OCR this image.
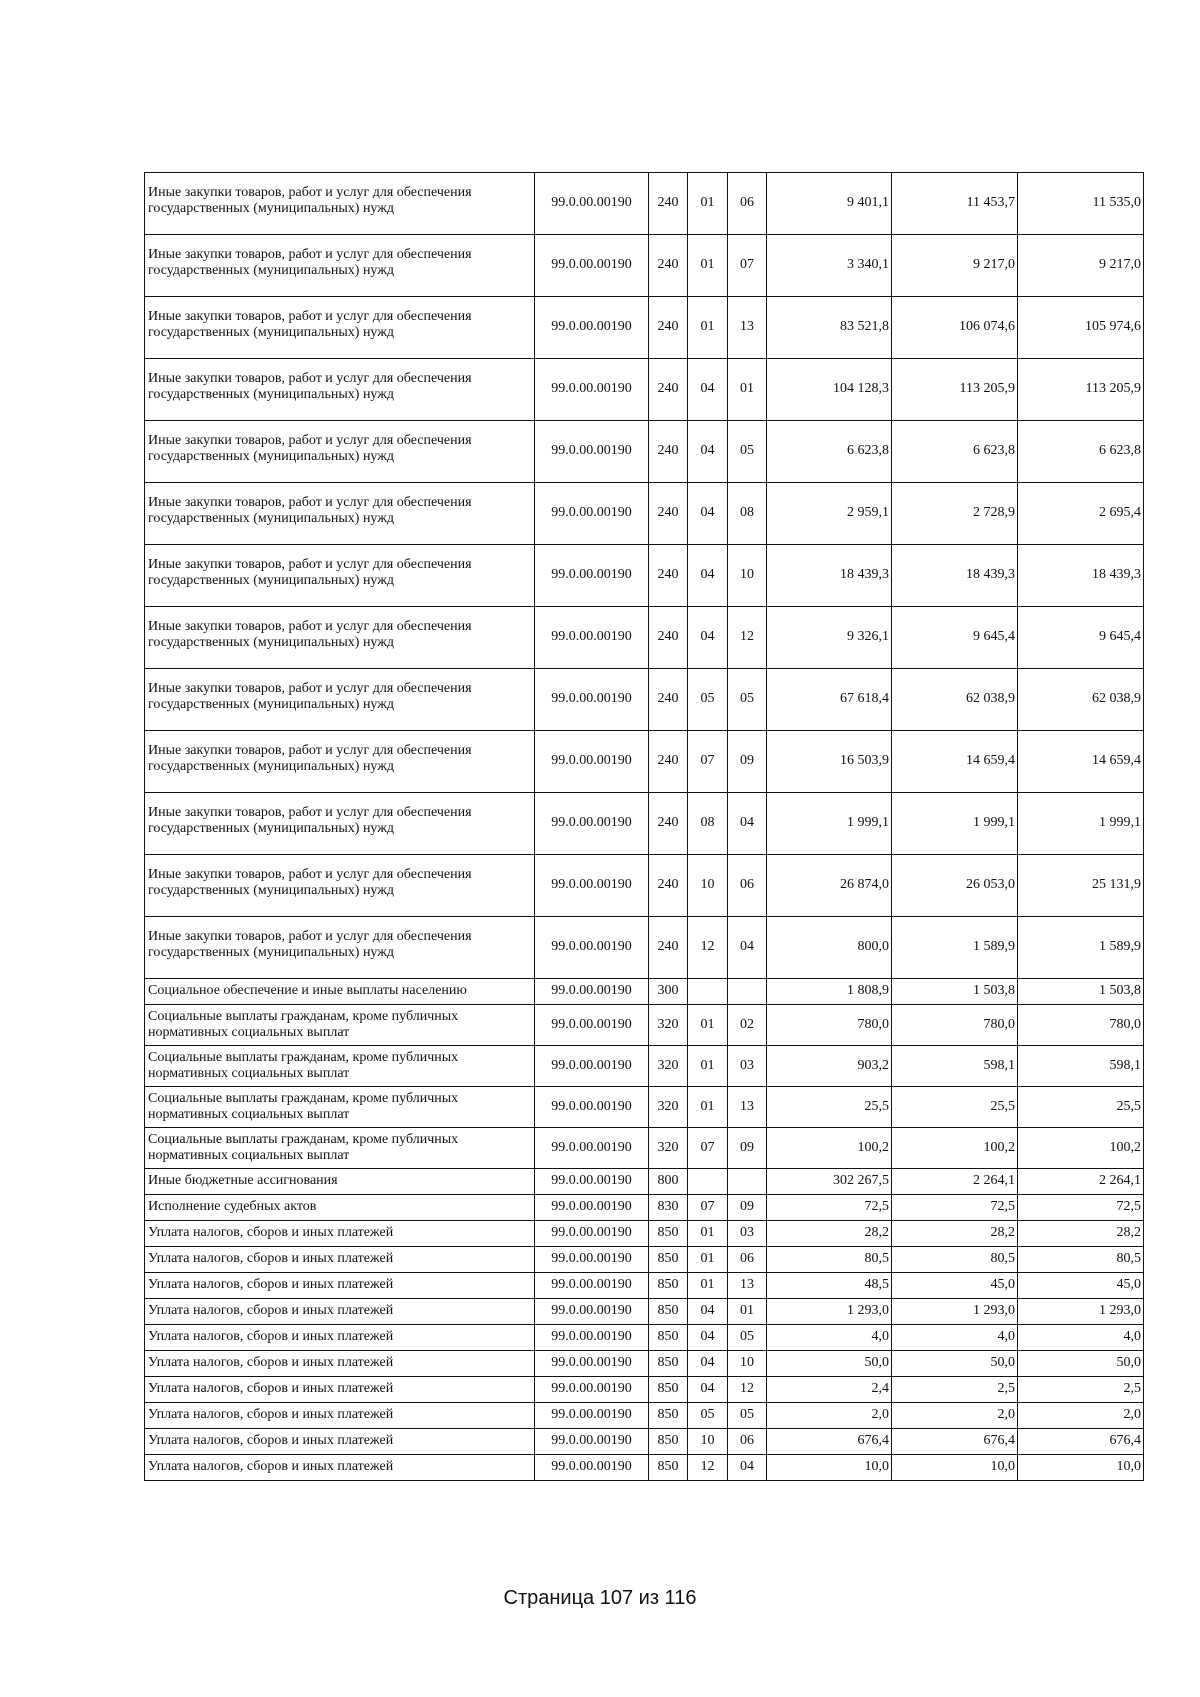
Иные закупки товаров, работ и услуг для обеспечения государственных (муниципальных) нужд	99.0.00.00190	240	01	06	9 401,1	11 453,7	11 535,0
Иные закупки товаров, работ и услуг для обеспечения государственных (муниципальных) нужд	99.0.00.00190	240	01	07	3 340,1	9 217,0	9 217,0
Иные закупки товаров, работ и услуг для обеспечения государственных (муниципальных) нужд	99.0.00.00190	240	01	13	83 521,8	106 074,6	105 974,6
Иные закупки товаров, работ и услуг для обеспечения государственных (муниципальных) нужд	99.0.00.00190	240	04	01	104 128,3	113 205,9	113 205,9
Иные закупки товаров, работ и услуг для обеспечения государственных (муниципальных) нужд	99.0.00.00190	240	04	05	6 623,8	6 623,8	6 623,8
Иные закупки товаров, работ и услуг для обеспечения государственных (муниципальных) нужд	99.0.00.00190	240	04	08	2 959,1	2 728,9	2 695,4
Иные закупки товаров, работ и услуг для обеспечения государственных (муниципальных) нужд	99.0.00.00190	240	04	10	18 439,3	18 439,3	18 439,3
Иные закупки товаров, работ и услуг для обеспечения государственных (муниципальных) нужд	99.0.00.00190	240	04	12	9 326,1	9 645,4	9 645,4
Иные закупки товаров, работ и услуг для обеспечения государственных (муниципальных) нужд	99.0.00.00190	240	05	05	67 618,4	62 038,9	62 038,9
Иные закупки товаров, работ и услуг для обеспечения государственных (муниципальных) нужд	99.0.00.00190	240	07	09	16 503,9	14 659,4	14 659,4
Иные закупки товаров, работ и услуг для обеспечения государственных (муниципальных) нужд	99.0.00.00190	240	08	04	1 999,1	1 999,1	1 999,1
Иные закупки товаров, работ и услуг для обеспечения государственных (муниципальных) нужд	99.0.00.00190	240	10	06	26 874,0	26 053,0	25 131,9
Иные закупки товаров, работ и услуг для обеспечения государственных (муниципальных) нужд	99.0.00.00190	240	12	04	800,0	1 589,9	1 589,9
Социальное обеспечение и иные выплаты населению	99.0.00.00190	300			1 808,9	1 503,8	1 503,8
Социальные выплаты гражданам, кроме публичных нормативных социальных выплат	99.0.00.00190	320	01	02	780,0	780,0	780,0
Социальные выплаты гражданам, кроме публичных нормативных социальных выплат	99.0.00.00190	320	01	03	903,2	598,1	598,1
Социальные выплаты гражданам, кроме публичных нормативных социальных выплат	99.0.00.00190	320	01	13	25,5	25,5	25,5
Социальные выплаты гражданам, кроме публичных нормативных социальных выплат	99.0.00.00190	320	07	09	100,2	100,2	100,2
Иные бюджетные ассигнования	99.0.00.00190	800			302 267,5	2 264,1	2 264,1
Исполнение судебных актов	99.0.00.00190	830	07	09	72,5	72,5	72,5
Уплата налогов, сборов и иных платежей	99.0.00.00190	850	01	03	28,2	28,2	28,2
Уплата налогов, сборов и иных платежей	99.0.00.00190	850	01	06	80,5	80,5	80,5
Уплата налогов, сборов и иных платежей	99.0.00.00190	850	01	13	48,5	45,0	45,0
Уплата налогов, сборов и иных платежей	99.0.00.00190	850	04	01	1 293,0	1 293,0	1 293,0
Уплата налогов, сборов и иных платежей	99.0.00.00190	850	04	05	4,0	4,0	4,0
Уплата налогов, сборов и иных платежей	99.0.00.00190	850	04	10	50,0	50,0	50,0
Уплата налогов, сборов и иных платежей	99.0.00.00190	850	04	12	2,4	2,5	2,5
Уплата налогов, сборов и иных платежей	99.0.00.00190	850	05	05	2,0	2,0	2,0
Уплата налогов, сборов и иных платежей	99.0.00.00190	850	10	06	676,4	676,4	676,4
Уплата налогов, сборов и иных платежей	99.0.00.00190	850	12	04	10,0	10,0	10,0
Страница 107 из 116
